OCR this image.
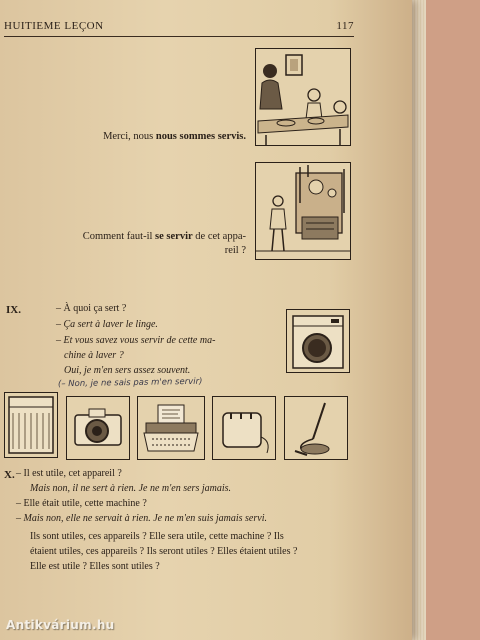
HUITIEME LEÇON	117
Merci, nous nous sommes servis.
Comment faut-il se servir de cet appa-
reil ?
IX.	– À quoi ça sert ?
– Ça sert à laver le linge.
– Et vous savez vous servir de cette ma-
chine à laver ?
Oui, je m'en sers assez souvent.
(– Non, je ne sais pas m'en servir)
X. – Il est utile, cet appareil ?
Mais non, il ne sert à rien. Je ne m'en sers jamais.
– Elle était utile, cette machine ?
– Mais non, elle ne servait à rien. Je ne m'en suis jamais servi.
Ils sont utiles, ces appareils ? Elle sera utile, cette machine ? Ils
étaient utiles, ces appareils ? Ils seront utiles ? Elles étaient utiles ?
Elle est utile ? Elles sont utiles ?
Antikvárium.hu
